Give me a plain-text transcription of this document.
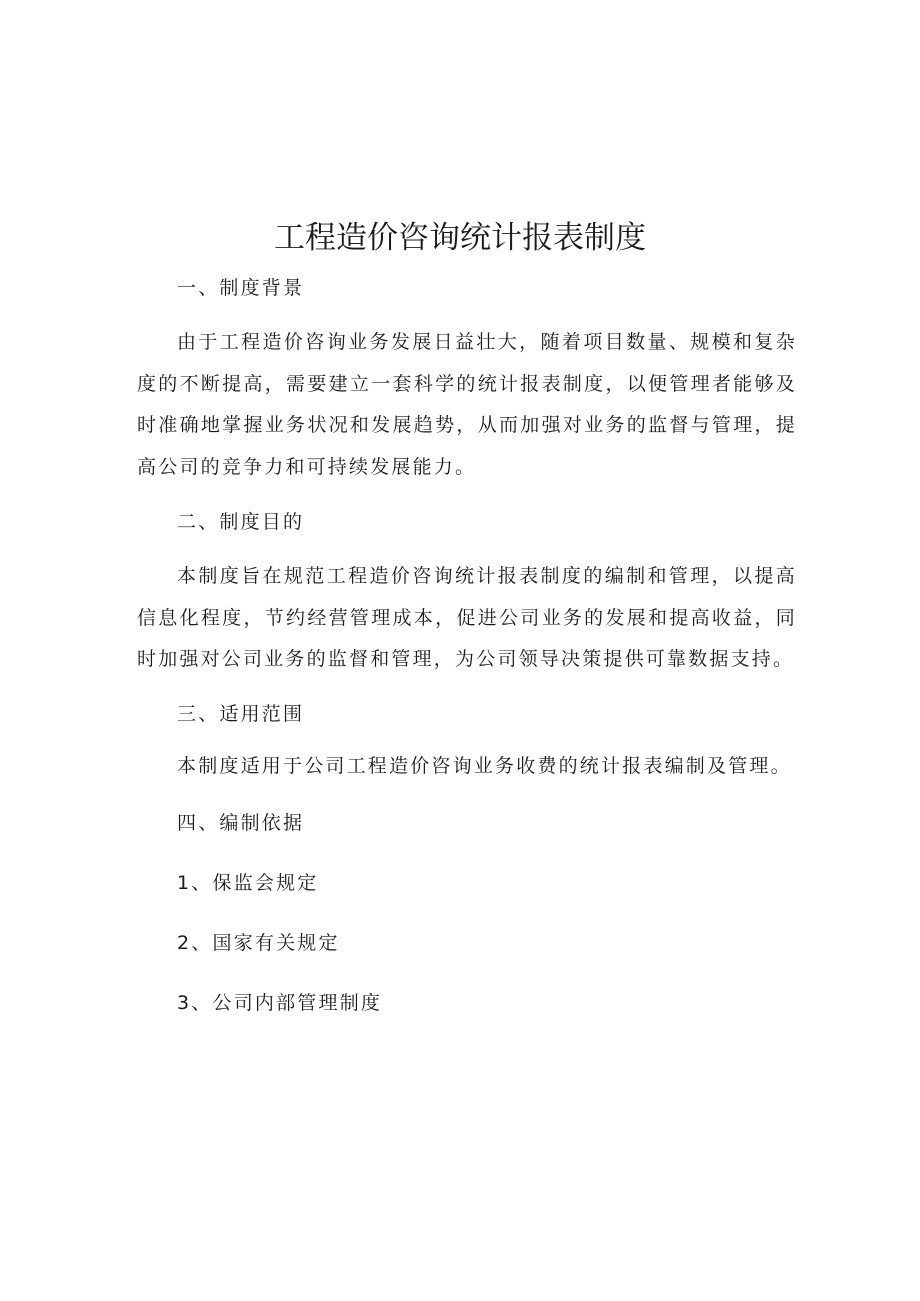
工程造价咨询统计报表制度

一、制度背景

由于工程造价咨询业务发展日益壮大，随着项目数量、规模和复杂度的不断提高，需要建立一套科学的统计报表制度，以便管理者能够及时准确地掌握业务状况和发展趋势，从而加强对业务的监督与管理，提高公司的竞争力和可持续发展能力。

二、制度目的

本制度旨在规范工程造价咨询统计报表制度的编制和管理，以提高信息化程度，节约经营管理成本，促进公司业务的发展和提高收益，同时加强对公司业务的监督和管理，为公司领导决策提供可靠数据支持。

三、适用范围

本制度适用于公司工程造价咨询业务收费的统计报表编制及管理。

四、编制依据

1、保监会规定

2、国家有关规定

3、公司内部管理制度
